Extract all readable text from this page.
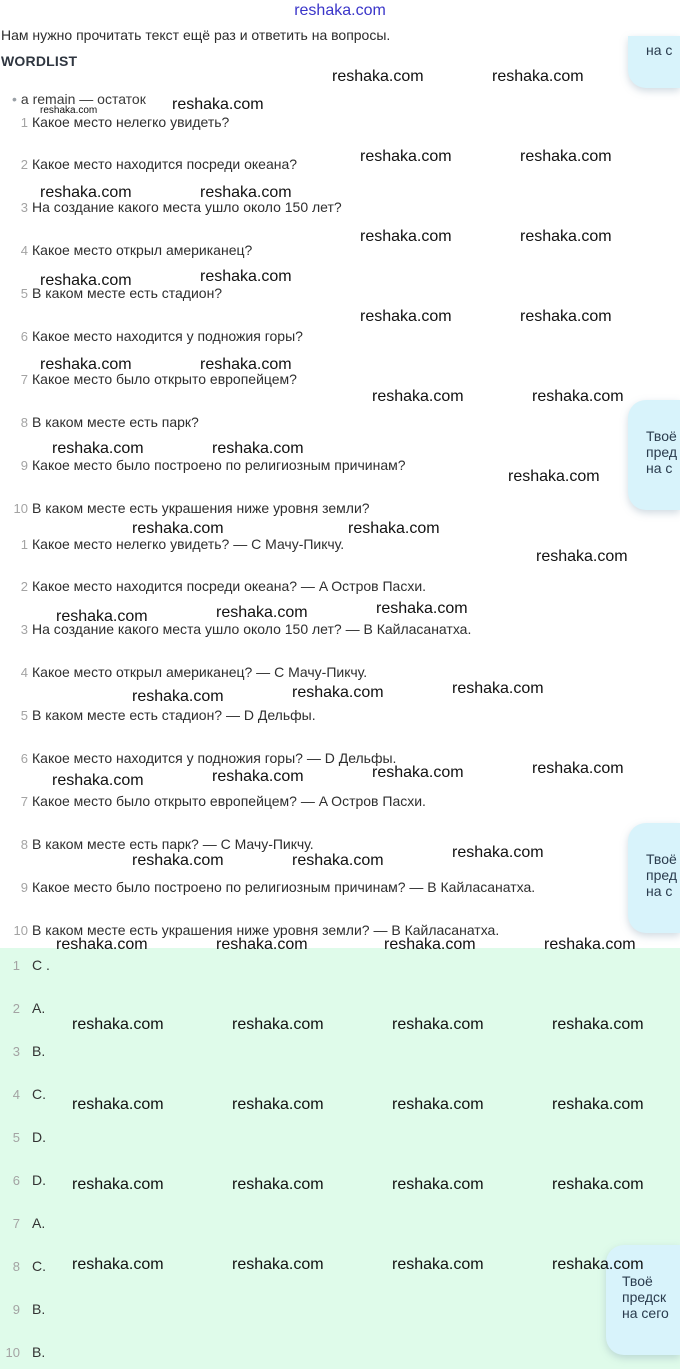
reshaka.com
Нам нужно прочитать текст ещё раз и ответить на вопросы.
WORDLIST
• a remain — остаток
1 Какое место нелегко увидеть?
2 Какое место находится посреди океана?
3 На создание какого места ушло около 150 лет?
4 Какое место открыл американец?
5 В каком месте есть стадион?
6 Какое место находится у подножия горы?
7 Какое место было открыто европейцем?
8 В каком месте есть парк?
9 Какое место было построено по религиозным причинам?
10 В каком месте есть украшения ниже уровня земли?
1 Какое место нелегко увидеть? — C Мачу-Пикчу.
2 Какое место находится посреди океана? — A Остров Пасхи.
3 На создание какого места ушло около 150 лет? — B Кайласанатха.
4 Какое место открыл американец? — C Мачу-Пикчу.
5 В каком месте есть стадион? — D Дельфы.
6 Какое место находится у подножия горы? — D Дельфы.
7 Какое место было открыто европейцем? — A Остров Пасхи.
8 В каком месте есть парк? — C Мачу-Пикчу.
9 Какое место было построено по религиозным причинам? — B Кайласанатха.
10 В каком месте есть украшения ниже уровня земли? — B Кайласанатха.
1 C .
2 A.
3 B.
4 C.
5 D.
6 D.
7 A.
8 C.
9 B.
10 B.
на с
Твоё
пред
на с
Твоё
пред
на с
Твоё
предск
на сего
reshaka.com	reshaka.com
reshaka.com
reshaka.com
reshaka.com	reshaka.com
reshaka.com	reshaka.com
reshaka.com	reshaka.com
reshaka.com	reshaka.com
reshaka.com	reshaka.com
reshaka.com	reshaka.com
reshaka.com	reshaka.com
reshaka.com	reshaka.com
reshaka.com
reshaka.com	reshaka.com
reshaka.com
reshaka.com	reshaka.com	reshaka.com
reshaka.com	reshaka.com	reshaka.com
reshaka.com	reshaka.com	reshaka.com	reshaka.com
reshaka.com	reshaka.com	reshaka.com
reshaka.com	reshaka.com	reshaka.com	reshaka.com
reshaka.com	reshaka.com	reshaka.com	reshaka.com
reshaka.com	reshaka.com	reshaka.com	reshaka.com
reshaka.com	reshaka.com	reshaka.com	reshaka.com
reshaka.com	reshaka.com	reshaka.com	reshaka.com
